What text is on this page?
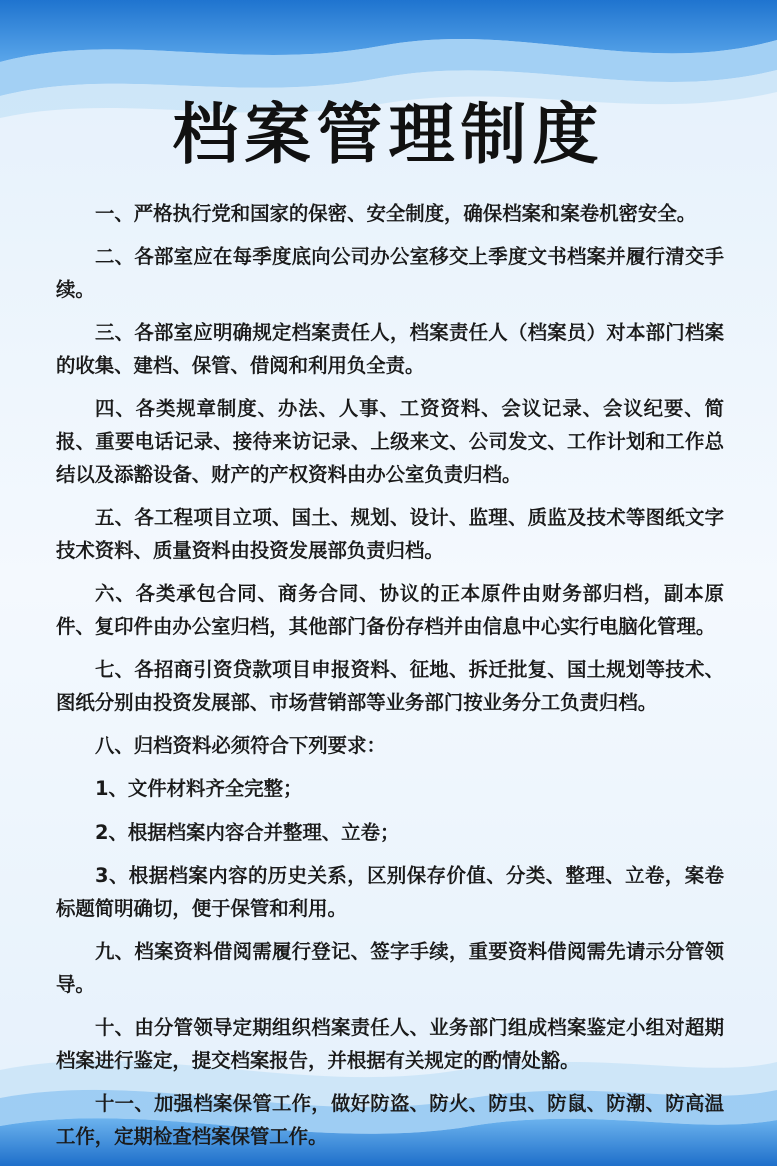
档案管理制度

一、严格执行党和国家的保密、安全制度，确保档案和案卷机密安全。

二、各部室应在每季度底向公司办公室移交上季度文书档案并履行清交手续。

三、各部室应明确规定档案责任人，档案责任人（档案员）对本部门档案的收集、建档、保管、借阅和利用负全责。

四、各类规章制度、办法、人事、工资资料、会议记录、会议纪要、简报、重要电话记录、接待来访记录、上级来文、公司发文、工作计划和工作总结以及添豁设备、财产的产权资料由办公室负责归档。

五、各工程项目立项、国土、规划、设计、监理、质监及技术等图纸文字技术资料、质量资料由投资发展部负责归档。

六、各类承包合同、商务合同、协议的正本原件由财务部归档，副本原件、复印件由办公室归档，其他部门备份存档并由信息中心实行电脑化管理。

七、各招商引资贷款项目申报资料、征地、拆迁批复、国土规划等技术、图纸分别由投资发展部、市场营销部等业务部门按业务分工负责归档。

八、归档资料必须符合下列要求：

1、文件材料齐全完整；

2、根据档案内容合并整理、立卷；

3、根据档案内容的历史关系，区别保存价值、分类、整理、立卷，案卷标题简明确切，便于保管和利用。

九、档案资料借阅需履行登记、签字手续，重要资料借阅需先请示分管领导。

十、由分管领导定期组织档案责任人、业务部门组成档案鉴定小组对超期档案进行鉴定，提交档案报告，并根据有关规定的酌情处豁。

十一、加强档案保管工作，做好防盗、防火、防虫、防鼠、防潮、防高温工作，定期检查档案保管工作。
